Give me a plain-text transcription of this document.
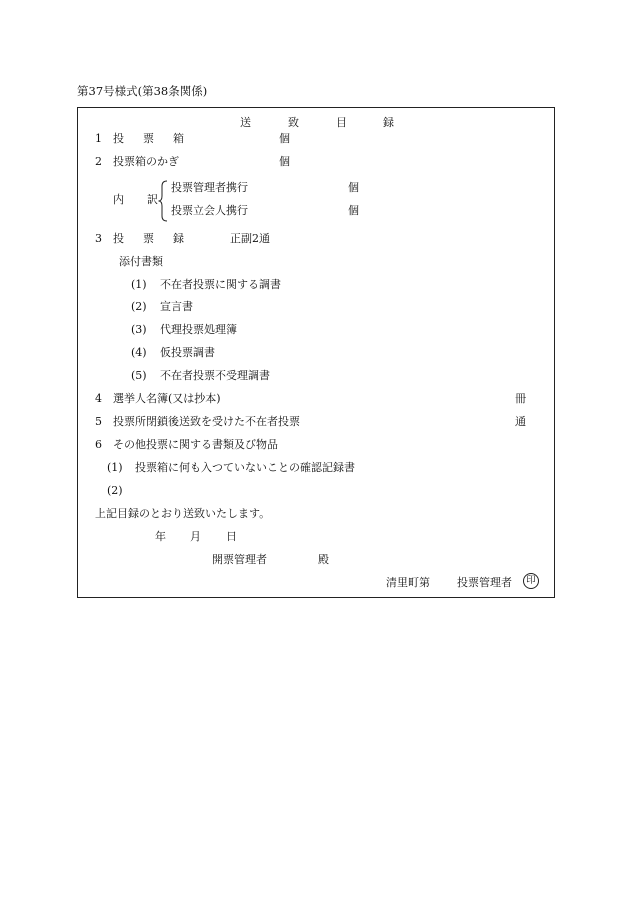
第37号様式(第38条関係)
送	致	目	録
1 投 票 箱	個
2 投票箱のかぎ	個
内 訳
投票管理者携行	個
投票立会人携行	個
3 投 票 録	正副2通
添付書類
(1) 不在者投票に関する調書
(2) 宣言書
(3) 代理投票処理簿
(4) 仮投票調書
(5) 不在者投票不受理調書
4 選挙人名簿(又は抄本)	冊
5 投票所閉鎖後送致を受けた不在者投票	通
6 その他投票に関する書類及び物品
(1) 投票箱に何も入つていないことの確認記録書
(2)
上記目録のとおり送致いたします。
年 月 日
開票管理者	殿
清里町第 投票管理者	印
